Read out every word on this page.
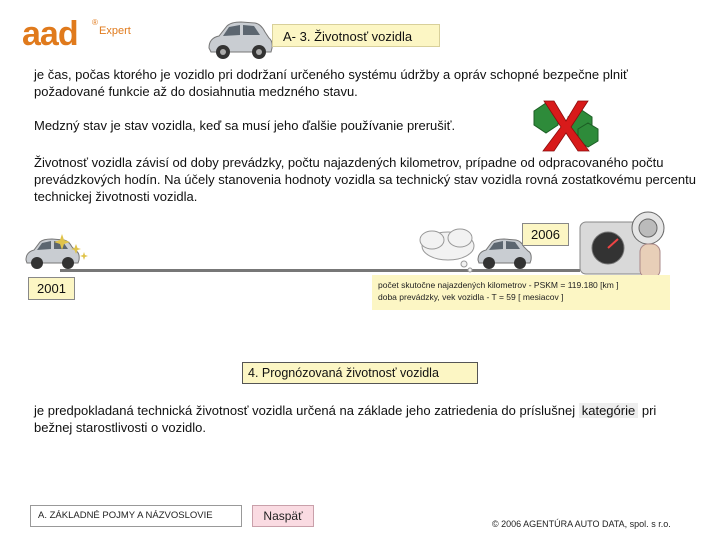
aad Expert
®
A- 3. Životnosť vozidla
je čas, počas ktorého je vozidlo pri dodržaní určeného systému údržby a opráv schopné bezpečne plniť požadované funkcie až do dosiahnutia medzného stavu.
Medzný stav je stav vozidla, keď sa musí jeho ďalšie používanie prerušiť.
Životnosť vozidla závisí od doby prevádzky, počtu najazdených kilometrov, prípadne od odpracovaného počtu prevádzkových hodín. Na účely stanovenia hodnoty vozidla sa technický stav vozidla rovná zostatkovému percentu technickej životnosti vozidla.
2001
2006
počet skutočne najazdených kilometrov - PSKM = 119.180 [km ]
doba prevádzky, vek vozidla - T = 59 [ mesiacov ]
4. Prognózovaná životnosť vozidla
je predpokladaná technická životnosť vozidla určená na základe jeho zatriedenia do príslušnej kategórie pri bežnej starostlivosti o vozidlo.
A. ZÁKLADNÉ POJMY A NÁZVOSLOVIE	Naspäť
© 2006 AGENTÚRA AUTO DATA, spol. s r.o.
